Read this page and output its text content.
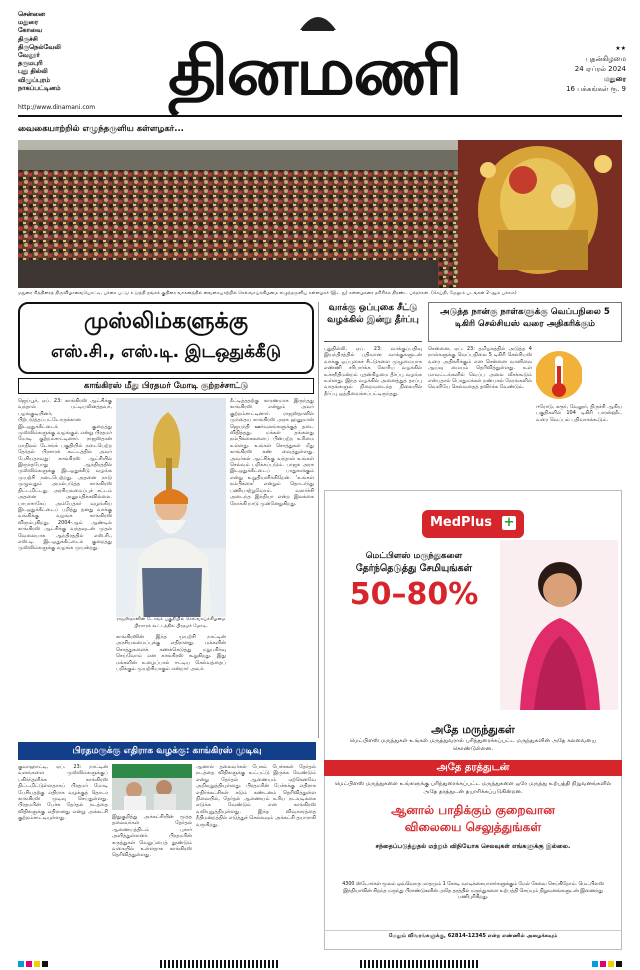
சென்னை
மதுரை
கோவை
திருச்சி
திருநெல்வேலி
வேலூர்
தருமபுரி
புது தில்லி
விழுப்புரம்
நாகப்பட்டினம்	தினமணி	★★
புதன்கிழமை
24 ஏப்ரல் 2024
மதுரை
16 பக்கங்கள் ரூ. 9
http://www.dinamani.com
வைகையாற்றில் எழுந்தருளிய கள்ளழகர்...
மதுரை சித்திரைத் திருவிழாவையொட்டி, பச்சை பட்டு உடுத்தி தங்கக் குதிரை வாகனத்தில் வைகையாற்றில் செவ்வாய்க்கிழமை எழுந்தருளிய கள்ளழகர் (இட து) கள்ளழகரை தரிசிக்க திரண்ட பக்தர்கள். (செய்தி, மேலும் படங்கள் 2-ஆம் பக்கம்)
முஸ்லிம்களுக்கு
எஸ்.சி., எஸ்.டி. இடஒதுக்கீடு
காங்கிரஸ் மீது பிரதமர் மோடி குற்றச்சாட்டு
ஜெய்பூர், ஏப். 23: காங்கிரஸ் ஆட்சிக்கு வந்தால் பட்டியலினத்தவர், பழங்குடியினர், பிற்படுத்தப்பட்டோருக்கான இடஒதுக்கீட்டைக் குறைத்து முஸ்லிம்களுக்கு வழங்கும் என்று பிரதமர் மோடி குற்றம்சாட்டினார். ராஜஸ்தான் மாநிலம் டோங்க் பகுதியில் நடைபெற்ற தேர்தல் பிரசாரக் கூட்டத்தில் அவர் பேசியதாவது: காங்கிரஸ் ஆட்சியில் இருந்தபோது ஆந்திரத்தில் முஸ்லிம்களுக்கு இடஒதுக்கீடு வழங்க முயற்சி நடைபெற்றது. அதனை நாடு முழுவதும் அமல்படுத்த காங்கிரஸ் திட்டமிட்டது. அரசியலமைப்புச் சட்டம் அதனை அனுமதிக்கவில்லை. பாபாசாகேப் அம்பேத்கர் வழங்கிய இடஒதுக்கீட்டைப் பறித்து தனது வாக்கு வங்கிக்கு வழங்க காங்கிரஸ் விரும்புகிறது. 2004-ஆம் ஆண்டில் காங்கிரஸ் ஆட்சிக்கு வந்தவுடன் முதல் வேலையாக ஆந்திரத்தில் எஸ்.சி., எஸ்.டி. இடஒதுக்கீட்டைக் குறைத்து முஸ்லிம்களுக்கு வழங்க முயன்றது.
ராஜஸ்தானின் டோங்க் பகுதியில் செவ்வாய்க்கிழமை பிரசாரக் கூட்டத்தில் பிரதமர் மோடி.
காங்கிரஸின் இந்த முயற்சி நாட்டின் அரசியலமைப்புக்கு எதிரானது. மக்களின் சொத்துகளைக் கணக்கெடுத்து மறுபகிர்வு செய்வோம் என காங்கிரஸ் கூறுகிறது. இது மக்களின் உழைப்பால் ஈட்டிய செல்வத்தைப் பறிக்கும் முயற்சியாகும் என்றார் அவர்.
நீட்டித்ததற்கு காரணமாக இருந்தது காங்கிரஸ் என்றும் அவர் குற்றம்சாட்டினார். ராஜஸ்தானில் முந்தைய காங்கிரஸ் அரசு ஹனுமான் ஜெயந்தி ஊர்வலங்களுக்குத் தடை விதித்தது. மக்கள் தங்களது நம்பிக்கைகளைப் பின்பற்ற உரிமை உள்ளது. உங்கள் சொத்துகள் மீது காங்கிரஸ் கண் வைத்துள்ளது. அவர்கள் ஆட்சிக்கு வந்தால் உங்கள் செல்வம் பறிக்கப்படும். பாஜக அரசு இடஒதுக்கீட்டைப் பாதுகாக்கும் என்று உறுதியளிக்கிறேன். 'உங்கள் நம்பிக்கை' என்றும் தொடர்ந்து பணியாற்றுவோம். வளர்ச்சி அடைந்த இந்தியா என்ற இலக்கை நோக்கி நாடு முன்னேறுகிறது.
வாக்கு ஒப்புகை சீட்டு வழக்கில் இன்று தீர்ப்பு
புதுதில்லி, ஏப். 23: வாக்குப்பதிவு இயந்திரத்தில் பதிவான வாக்குகளுடன் வாக்கு ஒப்புகைச் சீட்டுகளை முழுமையாக எண்ணி சரிபார்க்க கோரிய வழக்கில் உச்சநீதிமன்றம் புதன்கிழமை தீர்ப்பு வழங்க உள்ளது. இந்த வழக்கில் அனைத்துத் தரப்பு வாதங்களும் நிறைவடைந்த நிலையில் தீர்ப்பு ஒத்திவைக்கப்பட்டிருந்தது.
அடுத்த நான்கு நாள்களுக்கு வெப்பநிலை 5 டிகிரி செல்சியஸ் வரை அதிகரிக்கும்
சென்னை, ஏப். 23: தமிழகத்தில் அடுத்த 4 நாள்களுக்கு வெப்பநிலை 5 டிகிரி செல்சியஸ் வரை அதிகரிக்கும் என சென்னை வானிலை ஆய்வு மையம் தெரிவித்துள்ளது. உள் மாவட்டங்களில் வெப்ப அலை வீசக்கூடும் என்பதால் பொதுமக்கள் நண்பகல் நேரங்களில் வெளியே செல்வதைத் தவிர்க்க வேண்டும்.
ஈரோடு, கரூர், வேலூர், திருச்சி ஆகிய பகுதிகளில் 104 டிகிரி பாரன்ஹீட் வரை வெப்பம் பதிவாகக்கூடும்.
MedPlus +
மெட்பிளஸ் மருந்துகளை
தேர்ந்தெடுத்து சேமியுங்கள்
50–80%
அதே மருந்துகள்
மெட்பிளஸ் மருந்துகள் உங்கள் மருத்துவரால் பரிந்துரைக்கப்பட்ட மருந்துகளின் அதே கலவையை கொண்டுள்ளன.
அதே தரத்துடன்
மெட்பிளஸ் மருந்துகளை உங்களுக்கு பரிந்துரைக்கப்பட்ட மருந்துகளை ஒரே மருந்து உற்பத்தி நிறுவனங்களில் அதே தரத்துடன் தயாரிக்கப்படுகின்றன.
ஆனால் பாதிக்கும் குறைவான
விலையை செலுத்துங்கள்
சந்தைப்படுத்துதல் மற்றும் விநியோக செலவுகள் எங்களுக்கு இல்லை.
4300 ஸ்டோர்கள் மூலம் ஒவ்வொரு மாதமும் 1 கோடி வாடிக்கையாளர்களுக்கும் மேல் சேவை செய்கிறோம். மெட்பிளஸ் இந்தியாவின் சிறந்த மருந்து பிராண்டுகளின் அதே தரத்தில் மருந்துகளை உற்பத்தி செய்யும் நிறுவனங்களுடன் இணைந்து பணிபுரிகிறது.
மேலும் விவரங்களுக்கு, 62814-12345 என்ற எண்ணில் அழைக்கவும்
பிரதமருக்கு எதிராக வழக்கு: காங்கிரஸ் முடிவு
குவாஹாட்டி, ஏப். 23: நாட்டின் வளங்களை முஸ்லிம்களுக்குப் பகிர்ந்தளிக்க காங்கிரஸ் திட்டமிட்டுள்ளதாகப் பிரதமர் மோடி பேசியதற்கு எதிராக வழக்குத் தொடர காங்கிரஸ் முடிவு செய்துள்ளது. பிரதமரின் பேச்சு தேர்தல் நடத்தை விதிகளுக்கு எதிரானது என்று அக்கட்சி குற்றம்சாட்டியுள்ளது.	இதுகுறித்து அக்கட்சியின் மூத்த தலைவர்கள் தேர்தல் ஆணையத்திடம் புகார் அளித்துள்ளனர். பிரதமரின் கருத்துகள் வெறுப்பைத் தூண்டும் வகையில் உள்ளதாக காங்கிரஸ் தெரிவித்துள்ளது.
ஆனால் தலைவர்கள் பேசும் பேச்சுகள் தேர்தல் நடத்தை விதிகளுக்கு உட்பட்டு இருக்க வேண்டும் என்று தேர்தல் ஆணையம் ஏற்கெனவே அறிவுறுத்தியுள்ளது. பிரதமரின் பேச்சுக்கு எதிராக எதிர்க்கட்சிகள் கடும் கண்டனம் தெரிவித்துள்ள நிலையில், தேர்தல் ஆணையம் உரிய நடவடிக்கை எடுக்க வேண்டும் என காங்கிரஸ் வலியுறுத்தியுள்ளது. இந்த விவகாரத்தை நீதிமன்றத்தில் எடுத்துச் செல்லவும் அக்கட்சி தயாராகி வருகிறது.
